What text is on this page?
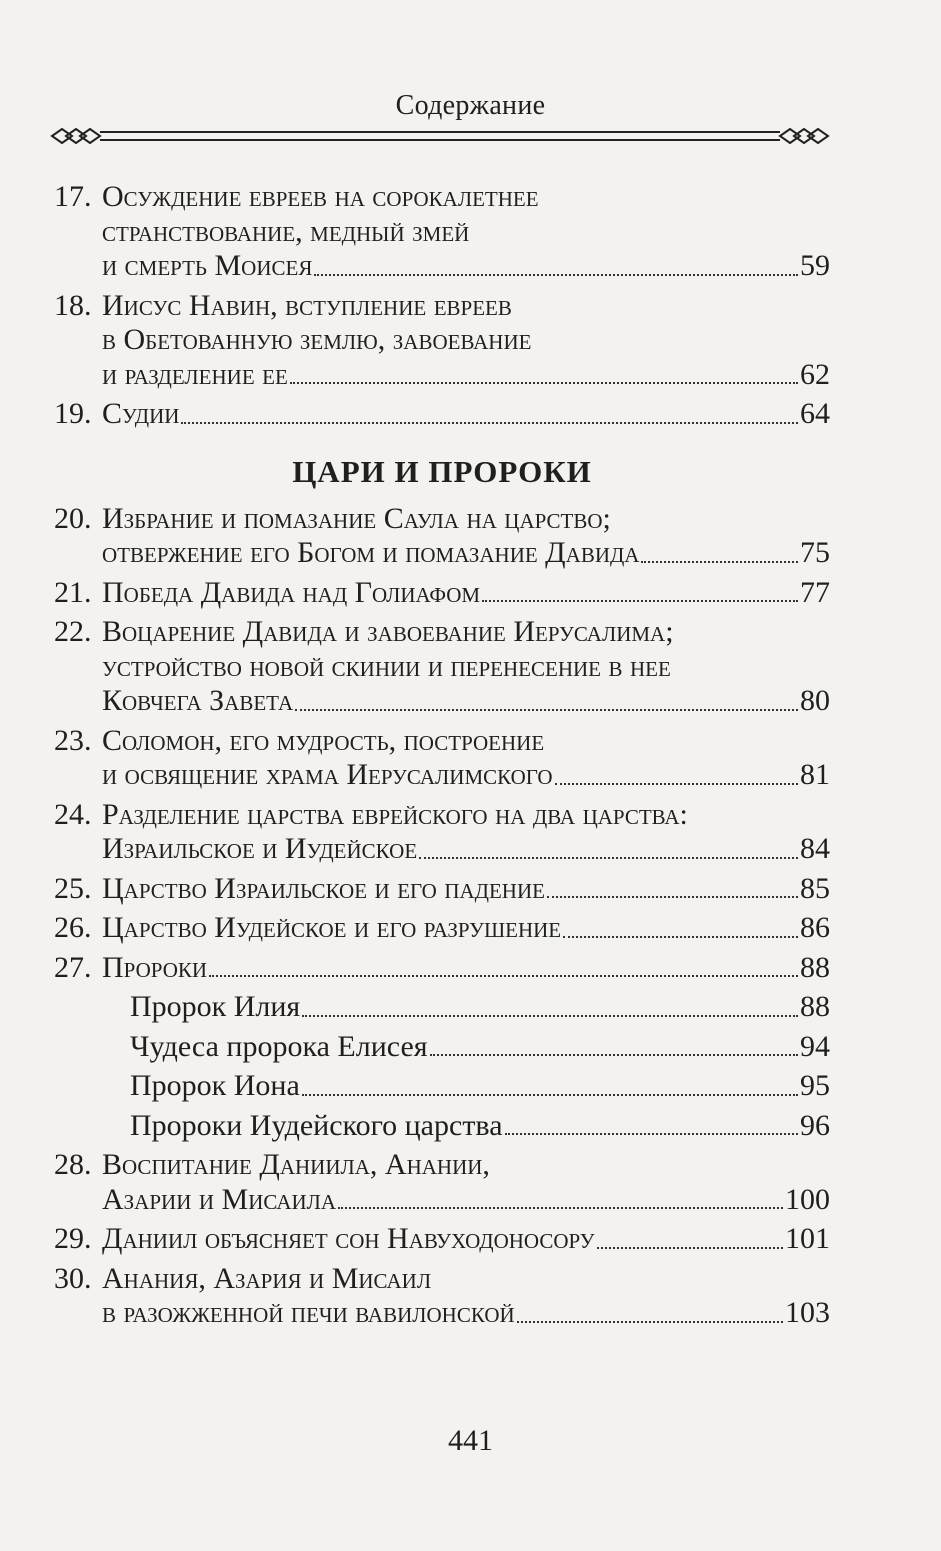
Содержание
17. Осуждение евреев на сорокалетнее
странствование, медный змей
и смерть Моисея	59
18. Иисус Навин, вступление евреев
в Обетованную землю, завоевание
и разделение ее	62
19. Судии	64
ЦАРИ И ПРОРОКИ
20. Избрание и помазание Саула на царство;
отвержение его Богом и помазание Давида	75
21. Победа Давида над Голиафом	77
22. Воцарение Давида и завоевание Иерусалима;
устройство новой скинии и перенесение в нее
Ковчега Завета	80
23. Соломон, его мудрость, построение
и освящение храма Иерусалимского	81
24. Разделение царства еврейского на два царства:
Израильское и Иудейское	84
25. Царство Израильское и его падение	85
26. Царство Иудейское и его разрушение	86
27. Пророки	88
Пророк Илия	88
Чудеса пророка Елисея	94
Пророк Иона	95
Пророки Иудейского царства	96
28. Воспитание Даниила, Анании,
Азарии и Мисаила	100
29. Даниил объясняет сон Навуходоносору	101
30. Анания, Азария и Мисаил
в разожженной печи вавилонской	103
441
